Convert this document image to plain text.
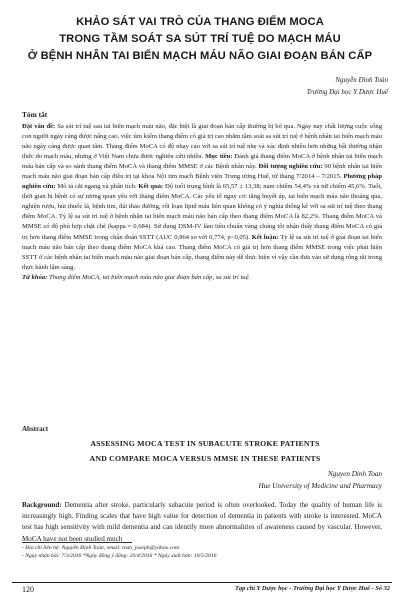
KHẢO SÁT VAI TRÒ CỦA THANG ĐIỂM MOCA
TRONG TẦM SOÁT SA SÚT TRÍ TUỆ DO MẠCH MÁU
Ở BỆNH NHÂN TAI BIẾN MẠCH MÁU NÃO GIAI ĐOẠN BÁN CẤP
Nguyễn Đình Toàn
Trường Đại học Y Dược Huế
Tóm tắt
Đặt vấn đề: Sa sút trí tuệ sau tai biến mạch máu não, đặc biệt là giai đoạn bán cấp thường bị bỏ qua. Ngày nay chất lượng cuộc sống con người ngày càng được nâng cao, việc tìm kiếm thang điểm có giá trị cao nhằm tầm soát sa sút trí tuệ ở bệnh nhân tai biến mạch máu não ngày càng được quan tâm. Thang điểm MoCA có độ nhạy cao với sa sút trí tuệ nhẹ và xác định nhiều hơn những bất thường nhận thức do mạch máu, nhưng ở Việt Nam chưa được nghiên cứu nhiều. Mục tiêu: Đánh giá thang điểm MoCA ở bệnh nhân tai biến mạch máu bán cấp và so sánh thang điểm MoCA và thang điểm MMSE ở các Bệnh nhân này. Đối tượng nghiên cứu: 90 bệnh nhân tai biến mạch máu não giai đoạn bán cấp điều trị tại khoa Nội tim mạch Bệnh viện Trung ương Huế, từ tháng 7/2014 – 7/2015. Phương pháp nghiên cứu: Mô tả cắt ngang và phân tích. Kết quả: Độ tuổi trung bình là 65,57 ± 13,38; nam chiếm 54,4% và nữ chiếm 45,6%. Tuổi, thời gian bị bệnh có sự tương quan yếu với thang điểm MoCA. Các yếu tố nguy cơ: tăng huyết áp, tai biến mạch máu não thoáng qua, nghiện rượu, hút thuốc lá, bệnh tim, đái tháo đường, rối loạn lipid máu liên quan không có ý nghĩa thống kê với sa sút trí tuệ theo thang điểm MoCA. Tỷ lệ sa sút trí tuệ ở bệnh nhân tai biến mạch máu não bán cấp theo thang điểm MoCA là 82,2%. Thang điểm MoCA và MMSE có độ phù hợp chặt chẽ (kappa = 0,684). Sử dụng DSM-IV làm tiêu chuẩn vàng chúng tôi nhận thấy thang điểm MoCA có giá trị hơn thang điểm MMSE trong chẩn đoán SSTT (AUC 0,864 so với 0,774, p<0,05). Kết luận: Tỷ lệ sa sút trí tuệ ở giai đoạn tai biến mạch máu não bán cấp theo thang điểm MoCA khá cao. Thang điểm MoCA có giá trị hơn thang điểm MMSE trong việc phát hiện SSTT ở các bệnh nhân tai biến mạch máu não giai đoạn bán cấp, thang điểm này dễ thực hiện vì vậy cần đưa vào sử dụng rộng rãi trong thực hành lâm sàng.
Từ khóa: Thang điểm MoCA, tai biến mạch máu não giai đoạn bán cấp, sa sút trí tuệ.
Abstract
ASSESSING MOCA TEST IN SUBACUTE STROKE PATIENTS
AND COMPARE MOCA VERSUS MMSE IN THESE PATIENTS
Nguyen Dinh Toan
Hue University of Medicine and Pharmacy
Background: Dementia after stroke, particularly subacute period is often overlooked. Today the quality of human life is increasingly high. Finding scales that have high value for detection of dementia in patients with stroke is interested. MoCA test has high sensitivity with mild dementia and can identify more abnormalities of awareness caused by vascular. However, MoCA have not been studied much
- Địa chỉ liên hệ: Nguyễn Đình Toàn, email: toan_joseph@yahoo.com
- Ngày nhận bài: 7/3/2016 *Ngày đồng ý đăng: 20/4/2016 * Ngày xuất bản: 10/5/2016
120	Tạp chí Y Dược học - Trường Đại học Y Dược Huế - Số 32
